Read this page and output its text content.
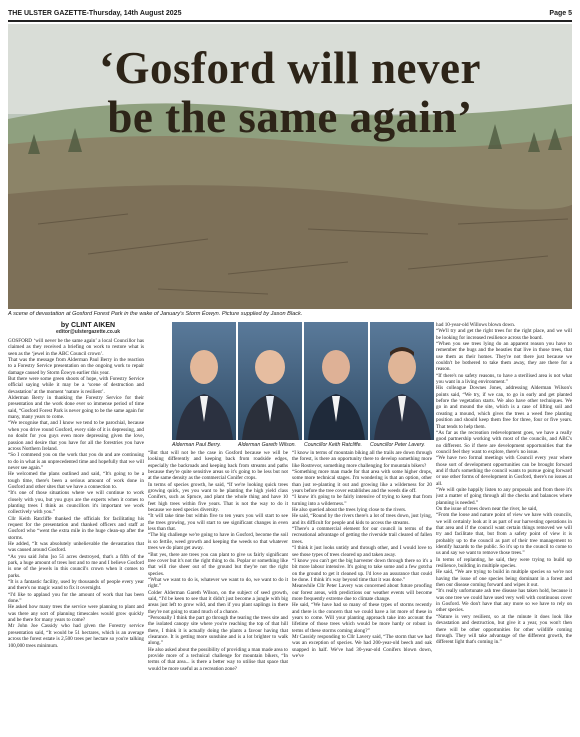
THE ULSTER GAZETTE-Thursday, 14th August 2025	Page 5
‘Gosford will never
be the same again’
A scene of devastation at Gosford Forest Park in the wake of January's Storm Éowyn. Picture supplied by Jason Black.
by CLINT AIKEN
editor@ulstergazette.co.uk
Alderman Paul Berry.	Alderman Gareth Wilson.	Councillor Keith Ratcliffe.	Councillor Peter Lavery.

GOSFORD ‘will never be the same again’ a local Councillor has claimed as they received a briefing on work to restore what is seen as the ‘jewel in the ABC Council crown’.

That was the message from Alderman Paul Berry in the reaction to a Forestry Service presentation on the ongoing work to repair damage caused by Storm Éowyn earlier this year.

But there were some green shoots of hope, with Forestry Service official saying while it may be a ‘scene of destruction and devastation’ at the moment ‘nature is resilient’.

Alderman Berry in thanking the Forestry Service for their presentation and the work done ever so immense period of time said, “Gosford Forest Park is never going to be the same again for many, many years to come.

“We recognise that, and I know we tend to be parochial, because when you drive round Gosford, every side of it is depressing, and no doubt for you guys even more depressing given the love, passion and desire that you have for all the forestries you have across Northern Ireland.

“So I commend you on the work that you do and are continuing to do in what is an unprecedented time and hopefully that we will never see again.”

He welcomed the plans outlined and said, “It's going to be a tough time, there's been a serious amount of work done in Gosford and other sites that we have a connection to.

“It's one of those situations where we will continue to work closely with you, but you guys are the experts when it comes to planting trees I think as councillors it's important we work collectively with you.”

Cllr Keith Ratcliffe thanked the officials for facilitating his request for the presentation and thanked officers and staff at Gosford who “went the extra mile in the huge clean-up after the storms.

He added, “It was absolutely unbelievable the devastation that was caused around Gosford.

“As you said John [so 51 acres destroyed, that's a fifth of the park, a huge amount of trees lost and to me and I believe Gosford is one of the jewels in this council's crown when it comes to parks.

“It is a fantastic facility, used by thousands of people every year and there's no magic wand to fix it overnight.

“I'd like to applaud you for the amount of work that has been done.”

He asked how many trees the service were planning to plant and was there any sort of planning timescales would grow quickly and be there for many years to come?

Mr John Joe Cassidy who had given the Forestry service presentation said, “It would be 51 hectares, which is an average across the forest estate is 2,500 trees per hectare so you're talking 100,000 trees minimum.

“But that will not be the case in Gosford because we will be looking differently and keeping back from roadside edges, especially the backroads and keeping back from streams and paths because they're quite sensitive areas so it's going to be less but not at the same density as the commercial Conifer crops.

In terms of species growth, he said, “If we're looking quick trees growing quick, yes you want to be planting the high yield class Conifers, such as Spruce, and plant the whole thing and have 10 feet high trees within five years. That is not the way to do it because we need species diversity.

“It will take time but within five to ten years you will start to see the trees growing, you will start to see significant changes in even less than that.

“The big challenge we're going to have in Gosford, become the soil is so fertile, weed growth and keeping the weeds so that whatever trees we do plant get away.

“But yes, there are trees you can plant to give us fairly significant tree cover but it's not the right thing to do. Poplar or something like that will rise sheer out of the ground but they're not the right species.

“What we want to do is, whatever we want to do, we want to do it right.”

Colder Alderman Gareth Wilson, on the subject of seed growth, said, “I'd be keen to see that it didn't just become a jungle with big areas just left to grow wild, and then if you plant saplings in there they're not going to stand much of a chance.

“Personally I think the part go through the tearing the trees site and the isolated canopy site where you're reaching the top of that hill there, I think it is actually doing the plants a favour having that clearance. It is getting more sunshine and is a lot brighter to walk along.”

He also asked about the possibility of providing a man made area to provide more of a technical challenge for mountain bikers, “In terms of that area... is there a better way to utilise that space that would be more useful as a recreation zone?

“I know in terms of mountain biking all the trails are down through the forest, is there an opportunity there to develop something more like Rostrevor, something more challenging for mountain bikers?

“Something more man made for that area with some higher drops, some more technical stages. I'm wondering is that an option, other than just re-planting it out and growing like a wilderness for 20 years before the tree cover establishes and the weeds die off.

“I know it's going to be fairly intensive of trying to keep that from turning into a wilderness.”

He also queried about the trees lying close to the rivers.

He said, “Round by the rivers there's a lot of trees down, just lying, and its difficult for people and kids to access the streams.

“There's a commercial element for our council in terms of the recreational advantage of getting the riverside trail cleared of fallen trees.

“I think it just looks untidy and through other, and I would love to see those types of trees cleared up and taken away.

“I know you can't get the big harvester down through there so it's a bit more labour intensive. It's going to take some and a few gotcha on the ground to get it cleaned up. I'd love an assurance that could be done. I think it's way beyond time that it was done.”

Meanwhile Cllr Peter Lavery was concerned about future proofing our forest areas, with predictions our weather events will become more frequently extreme due to climate change.

He said, “We have had so many of these types of storms recently and there is the concern that we could have a lot more of these in years to come. Will your planting approach take into account the lifetime of those trees which would be more hardy or robust in terms of these storms coming along?”

Mr Cassidy responding to Cllr Lavery said, “The storm that we had was an exception of species. We had 200-year-old beech and oak snapped in half. We've had 30-year-old Conifers blown down, we've

had 10-year-old Willows blown down.

“We'll try and get the right trees for the right place, and we will be looking for increased resilience across the board.

“When you see trees lying do an apparent reason you have to remember the bugs and the beasties that live in those trees, that use them as their homes. They're not there just because we couldn't be bothered to take them away, they are there for a reason.

“If there's no safety reasons, to have a sterilised area is not what you want in a living environment.”

His colleague Downes Jones, addressing Alderman Wilson's points said, “We try, if we can, to go in early and get planted before the vegetation starts. We also have other techniques. We go in and mound the site, which is a case of lifting soil and creating a mound, which gives the trees a weed free planting position and should keep them free for three, four or five years. That tends to help them.

“As far as the recreation redevelopment goes, we have a really good partnership working with most of the councils, and ABC's no different. So if there are development opportunities that the council feel they want to explore, there's no issue.

“We have two formal meetings with Council every year where those sort of development opportunities can be brought forward and if that's something the council wants to pursue going forward or use other forms of development in Gosford, there's no issues at all.

“We will quite happily listen to any proposals and from there it's just a matter of going through all the checks and balances where planning is needed.”

On the issue of trees down near the river, he said,

“From the loose and nature point of view we have with councils, we will certainly look at it as part of our harvesting operations in that area and if the council want certain things removed we will try and facilitate that, but from a safety point of view it is probably up to the council as part of their tree management to identify hazards to the public. So it's up to the council to come to us and say we want to remove those trees.”

In terms of replanting, he said, they were trying to build up resilience, building in multiple species.

He said, “We are trying to build in multiple species so we're not having the issue of one species being dominant in a forest and then our disease coming forward and wipes it out.

“It's really unfortunate ash tree disease has taken hold, because it was one tree we could have used very well with continuous cover in Gosford. We don't have that any more so we have to rely on other species.

“Nature is very resilient, so at the minute it does look like devastation and destruction, but give it a year, you won't then there will be other opportunities for other wildlife coming through. They will take advantage of the different growth, the different light that's coming in.”
